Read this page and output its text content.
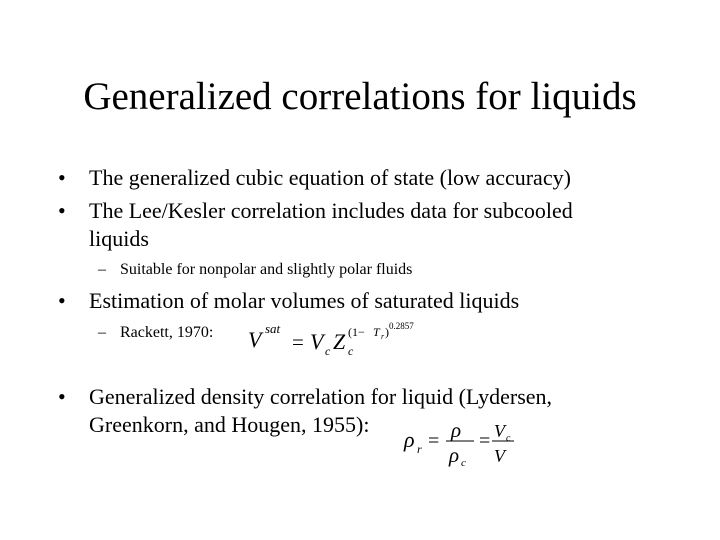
Generalized correlations for liquids
• The generalized cubic equation of state (low accuracy)
• The Lee/Kesler correlation includes data for subcooled
liquids
– Suitable for nonpolar and slightly polar fluids
• Estimation of molar volumes of saturated liquids
– Rackett, 1970: V sat
= V c Z c
(1− T r ) 0.2857
• Generalized density correlation for liquid (Lydersen,
Greenkorn, and Hougen, 1955):
ρ r = ρ
ρ c
= V c
V
